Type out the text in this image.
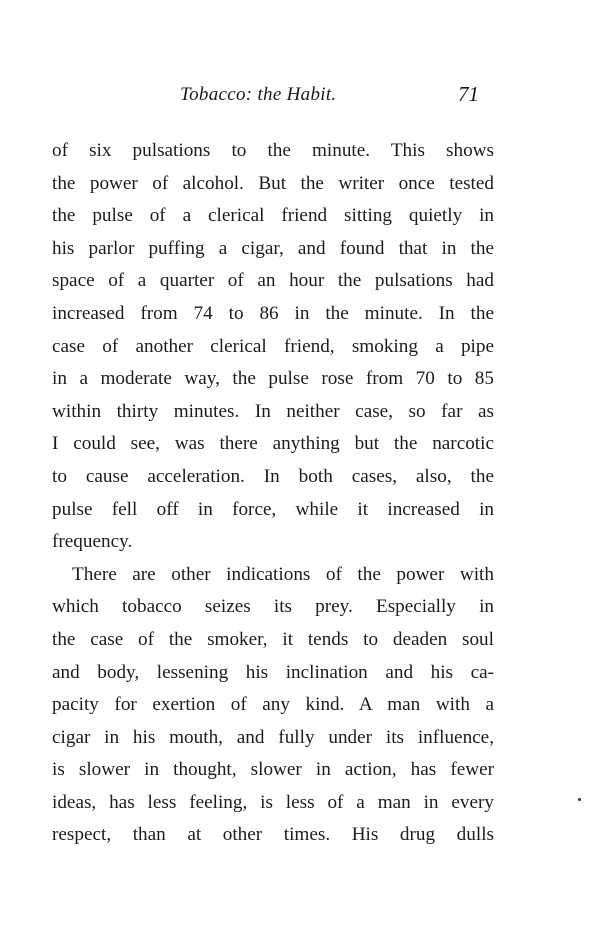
Tobacco: the Habit.	71
of six pulsations to the minute. This shows
the power of alcohol. But the writer once tested
the pulse of a clerical friend sitting quietly in
his parlor puffing a cigar, and found that in the
space of a quarter of an hour the pulsations had
increased from 74 to 86 in the minute. In the
case of another clerical friend, smoking a pipe
in a moderate way, the pulse rose from 70 to 85
within thirty minutes. In neither case, so far as
I could see, was there anything but the narcotic
to cause acceleration. In both cases, also, the
pulse fell off in force, while it increased in
frequency.
There are other indications of the power with
which tobacco seizes its prey. Especially in
the case of the smoker, it tends to deaden soul
and body, lessening his inclination and his ca-
pacity for exertion of any kind. A man with a
cigar in his mouth, and fully under its influence,
is slower in thought, slower in action, has fewer
ideas, has less feeling, is less of a man in every
respect, than at other times. His drug dulls
